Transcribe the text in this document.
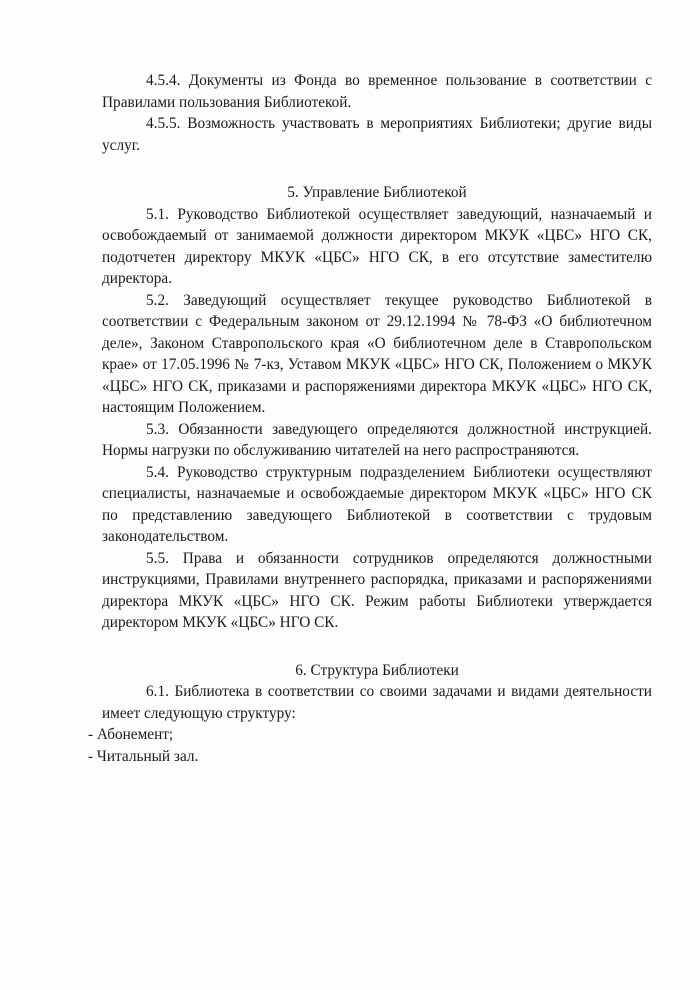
4.5.4. Документы из Фонда во временное пользование в соответствии с Правилами пользования Библиотекой.

4.5.5. Возможность участвовать в мероприятиях Библиотеки; другие виды услуг.

5. Управление Библиотекой

5.1. Руководство Библиотекой осуществляет заведующий, назначаемый и освобождаемый от занимаемой должности директором МКУК «ЦБС» НГО СК, подотчетен директору МКУК «ЦБС» НГО СК, в его отсутствие заместителю директора.

5.2. Заведующий осуществляет текущее руководство Библиотекой в соответствии с Федеральным законом от 29.12.1994 № 78-ФЗ «О библиотечном деле», Законом Ставропольского края «О библиотечном деле в Ставропольском крае» от 17.05.1996 № 7-кз, Уставом МКУК «ЦБС» НГО СК, Положением о МКУК «ЦБС» НГО СК, приказами и распоряжениями директора МКУК «ЦБС» НГО СК, настоящим Положением.

5.3. Обязанности заведующего определяются должностной инструкцией. Нормы нагрузки по обслуживанию читателей на него распространяются.

5.4. Руководство структурным подразделением Библиотеки осуществляют специалисты, назначаемые и освобождаемые директором МКУК «ЦБС» НГО СК по представлению заведующего Библиотекой в соответствии с трудовым законодательством.

5.5. Права и обязанности сотрудников определяются должностными инструкциями, Правилами внутреннего распорядка, приказами и распоряжениями директора МКУК «ЦБС» НГО СК. Режим работы Библиотеки утверждается директором МКУК «ЦБС» НГО СК.

6. Структура Библиотеки

6.1. Библиотека в соответствии со своими задачами и видами деятельности имеет следующую структуру:

- Абонемент;
- Читальный зал.
